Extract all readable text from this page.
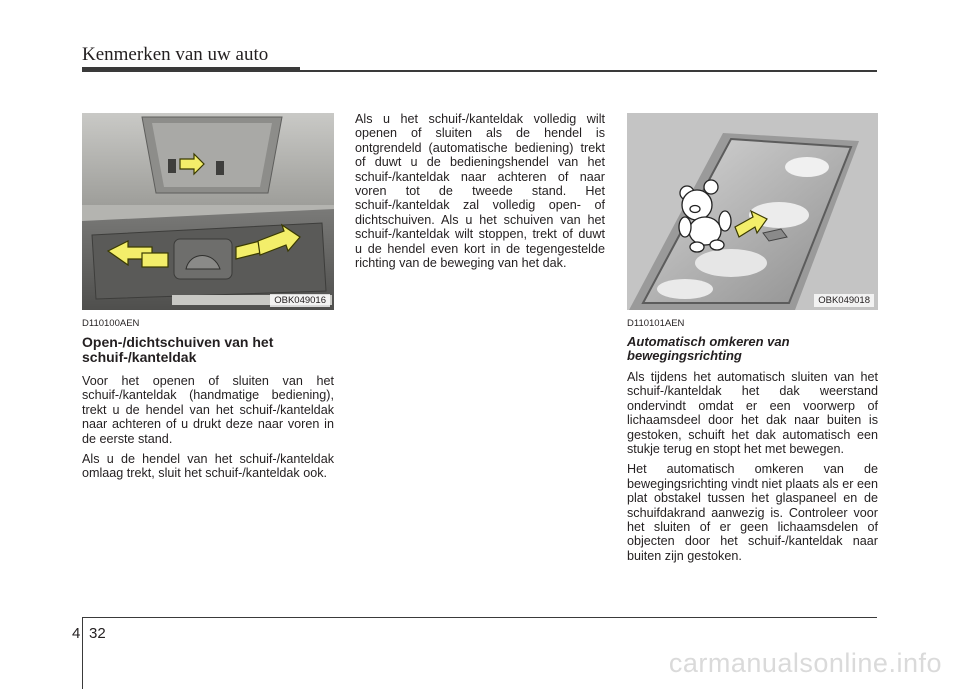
Kenmerken van uw auto
OBK049016	OBK049018
D110100AEN
Open-/dichtschuiven van het schuif-/kanteldak

Voor het openen of sluiten van het schuif-/kanteldak (handmatige bediening), trekt u de hendel van het schuif-/kanteldak naar achteren of u drukt deze naar voren in de eerste stand.

Als u de hendel van het schuif-/kanteldak omlaag trekt, sluit het schuif-/kanteldak ook.

Als u het schuif-/kanteldak volledig wilt openen of sluiten als de hendel is ontgrendeld (automatische bediening) trekt of duwt u de bedieningshendel van het schuif-/kanteldak naar achteren of naar voren tot de tweede stand. Het schuif-/kanteldak zal volledig open- of dichtschuiven. Als u het schuiven van het schuif-/kanteldak wilt stoppen, trekt of duwt u de hendel even kort in de tegengestelde richting van de beweging van het dak.

D110101AEN
Automatisch omkeren van bewegingsrichting

Als tijdens het automatisch sluiten van het schuif-/kanteldak het dak weerstand ondervindt omdat er een voorwerp of lichaamsdeel door het dak naar buiten is gestoken, schuift het dak automatisch een stukje terug en stopt het met bewegen.

Het automatisch omkeren van de bewegingsrichting vindt niet plaats als er een plat obstakel tussen het glaspaneel en de schuifdakrand aanwezig is. Controleer voor het sluiten of er geen lichaamsdelen of objecten door het schuif-/kanteldak naar buiten zijn gestoken.

4 32
carmanualsonline.info
